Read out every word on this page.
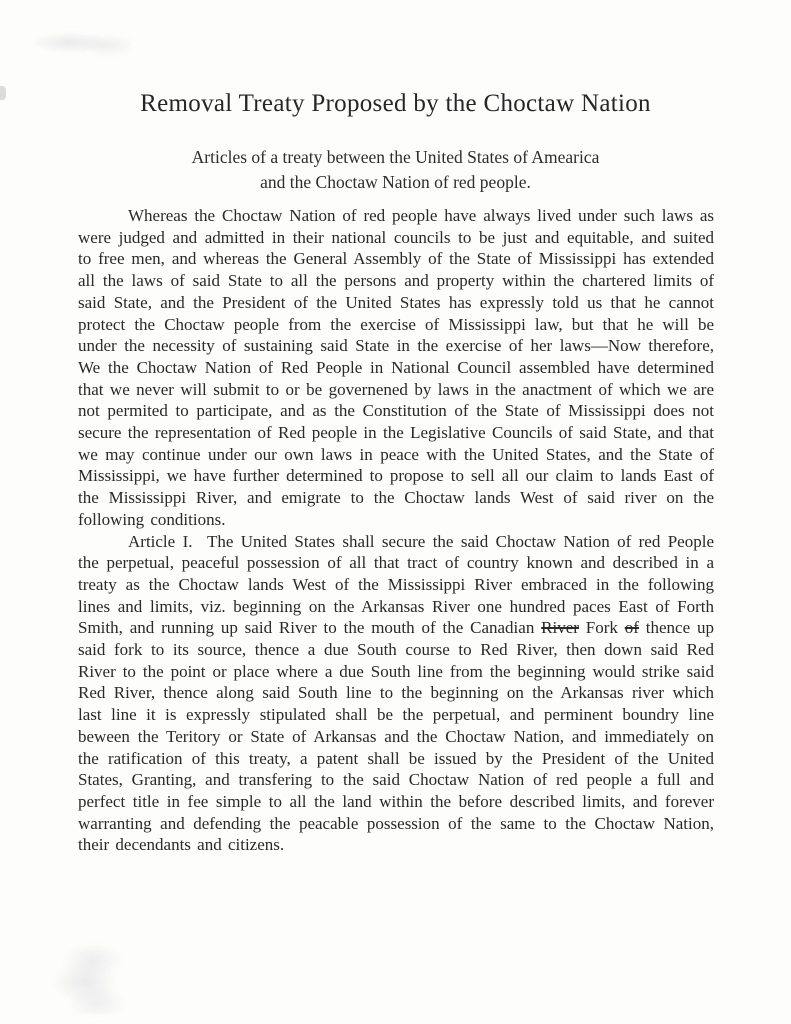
Removal Treaty Proposed by the Choctaw Nation
Articles of a treaty between the United States of Amearica
and the Choctaw Nation of red people.

Whereas the Choctaw Nation of red people have always lived under such laws as were judged and admitted in their national councils to be just and equitable, and suited to free men, and whereas the General Assembly of the State of Mississippi has extended all the laws of said State to all the persons and property within the chartered limits of said State, and the President of the United States has expressly told us that he cannot protect the Choctaw people from the exercise of Mississippi law, but that he will be under the necessity of sustaining said State in the exercise of her laws—Now therefore, We the Choctaw Nation of Red People in National Council assembled have determined that we never will submit to or be governened by laws in the anactment of which we are not permited to participate, and as the Constitution of the State of Mississippi does not secure the representation of Red people in the Legislative Councils of said State, and that we may continue under our own laws in peace with the United States, and the State of Mississippi, we have further determined to propose to sell all our claim to lands East of the Mississippi River, and emigrate to the Choctaw lands West of said river on the following conditions.

Article I.  The United States shall secure the said Choctaw Nation of red People the perpetual, peaceful possession of all that tract of country known and described in a treaty as the Choctaw lands West of the Mississippi River embraced in the following lines and limits, viz. beginning on the Arkansas River one hundred paces East of Forth Smith, and running up said River to the mouth of the Canadian River Fork of thence up said fork to its source, thence a due South course to Red River, then down said Red River to the point or place where a due South line from the beginning would strike said Red River, thence along said South line to the beginning on the Arkansas river which last line it is expressly stipulated shall be the perpetual, and perminent boundry line beween the Teritory or State of Arkansas and the Choctaw Nation, and immediately on the ratification of this treaty, a patent shall be issued by the President of the United States, Granting, and transfering to the said Choctaw Nation of red people a full and perfect title in fee simple to all the land within the before described limits, and forever warranting and defending the peacable possession of the same to the Choctaw Nation, their decendants and citizens.
